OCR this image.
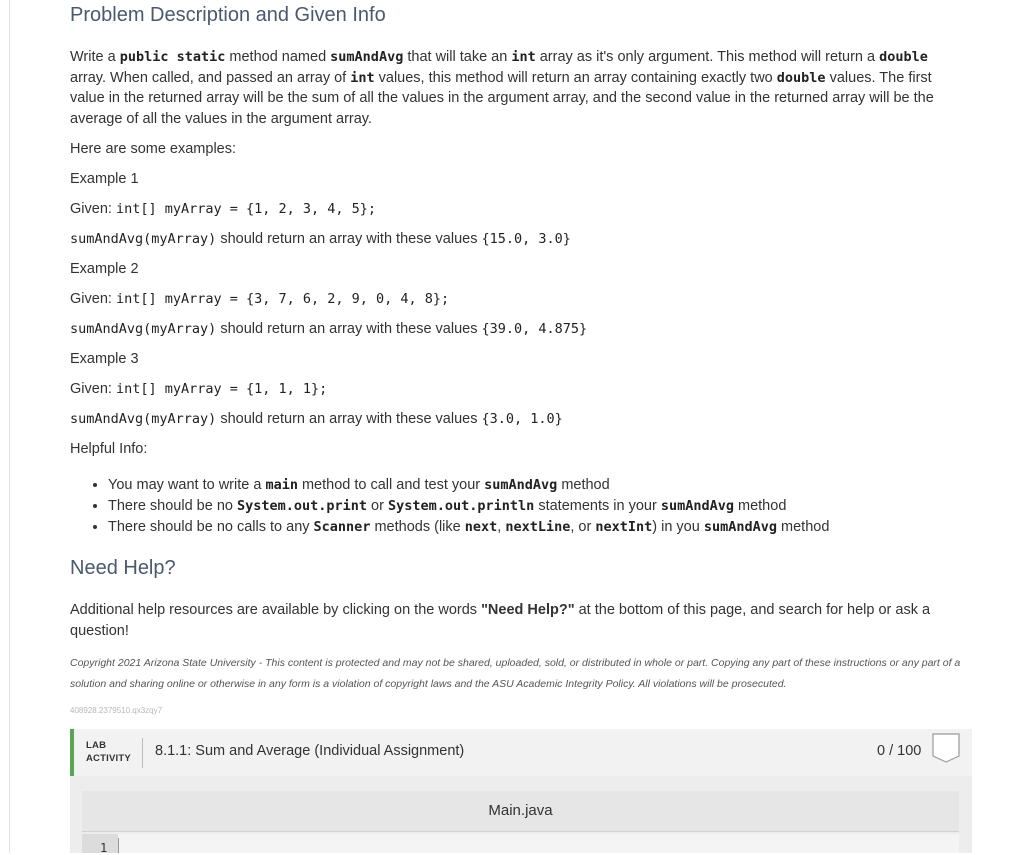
Problem Description and Given Info

Write a public static method named sumAndAvg that will take an int array as it's only argument. This method will return a double array. When called, and passed an array of int values, this method will return an array containing exactly two double values. The first value in the returned array will be the sum of all the values in the argument array, and the second value in the returned array will be the average of all the values in the argument array.

Here are some examples:

Example 1

Given: int[] myArray = {1, 2, 3, 4, 5};

sumAndAvg(myArray) should return an array with these values {15.0, 3.0}

Example 2

Given: int[] myArray = {3, 7, 6, 2, 9, 0, 4, 8};

sumAndAvg(myArray) should return an array with these values {39.0, 4.875}

Example 3

Given: int[] myArray = {1, 1, 1};

sumAndAvg(myArray) should return an array with these values {3.0, 1.0}

Helpful Info:

• You may want to write a main method to call and test your sumAndAvg method
• There should be no System.out.print or System.out.println statements in your sumAndAvg method
• There should be no calls to any Scanner methods (like next, nextLine, or nextInt) in you sumAndAvg method
Need Help?

Additional help resources are available by clicking on the words "Need Help?" at the bottom of this page, and search for help or ask a question!

Copyright 2021 Arizona State University - This content is protected and may not be shared, uploaded, sold, or distributed in whole or part. Copying any part of these instructions or any part of a solution and sharing online or otherwise in any form is a violation of copyright laws and the ASU Academic Integrity Policy. All violations will be prosecuted.

408928.2379510.qx3zqy7

LAB
ACTIVITY 8.1.1: Sum and Average (Individual Assignment)	0 / 100
Main.java
1
